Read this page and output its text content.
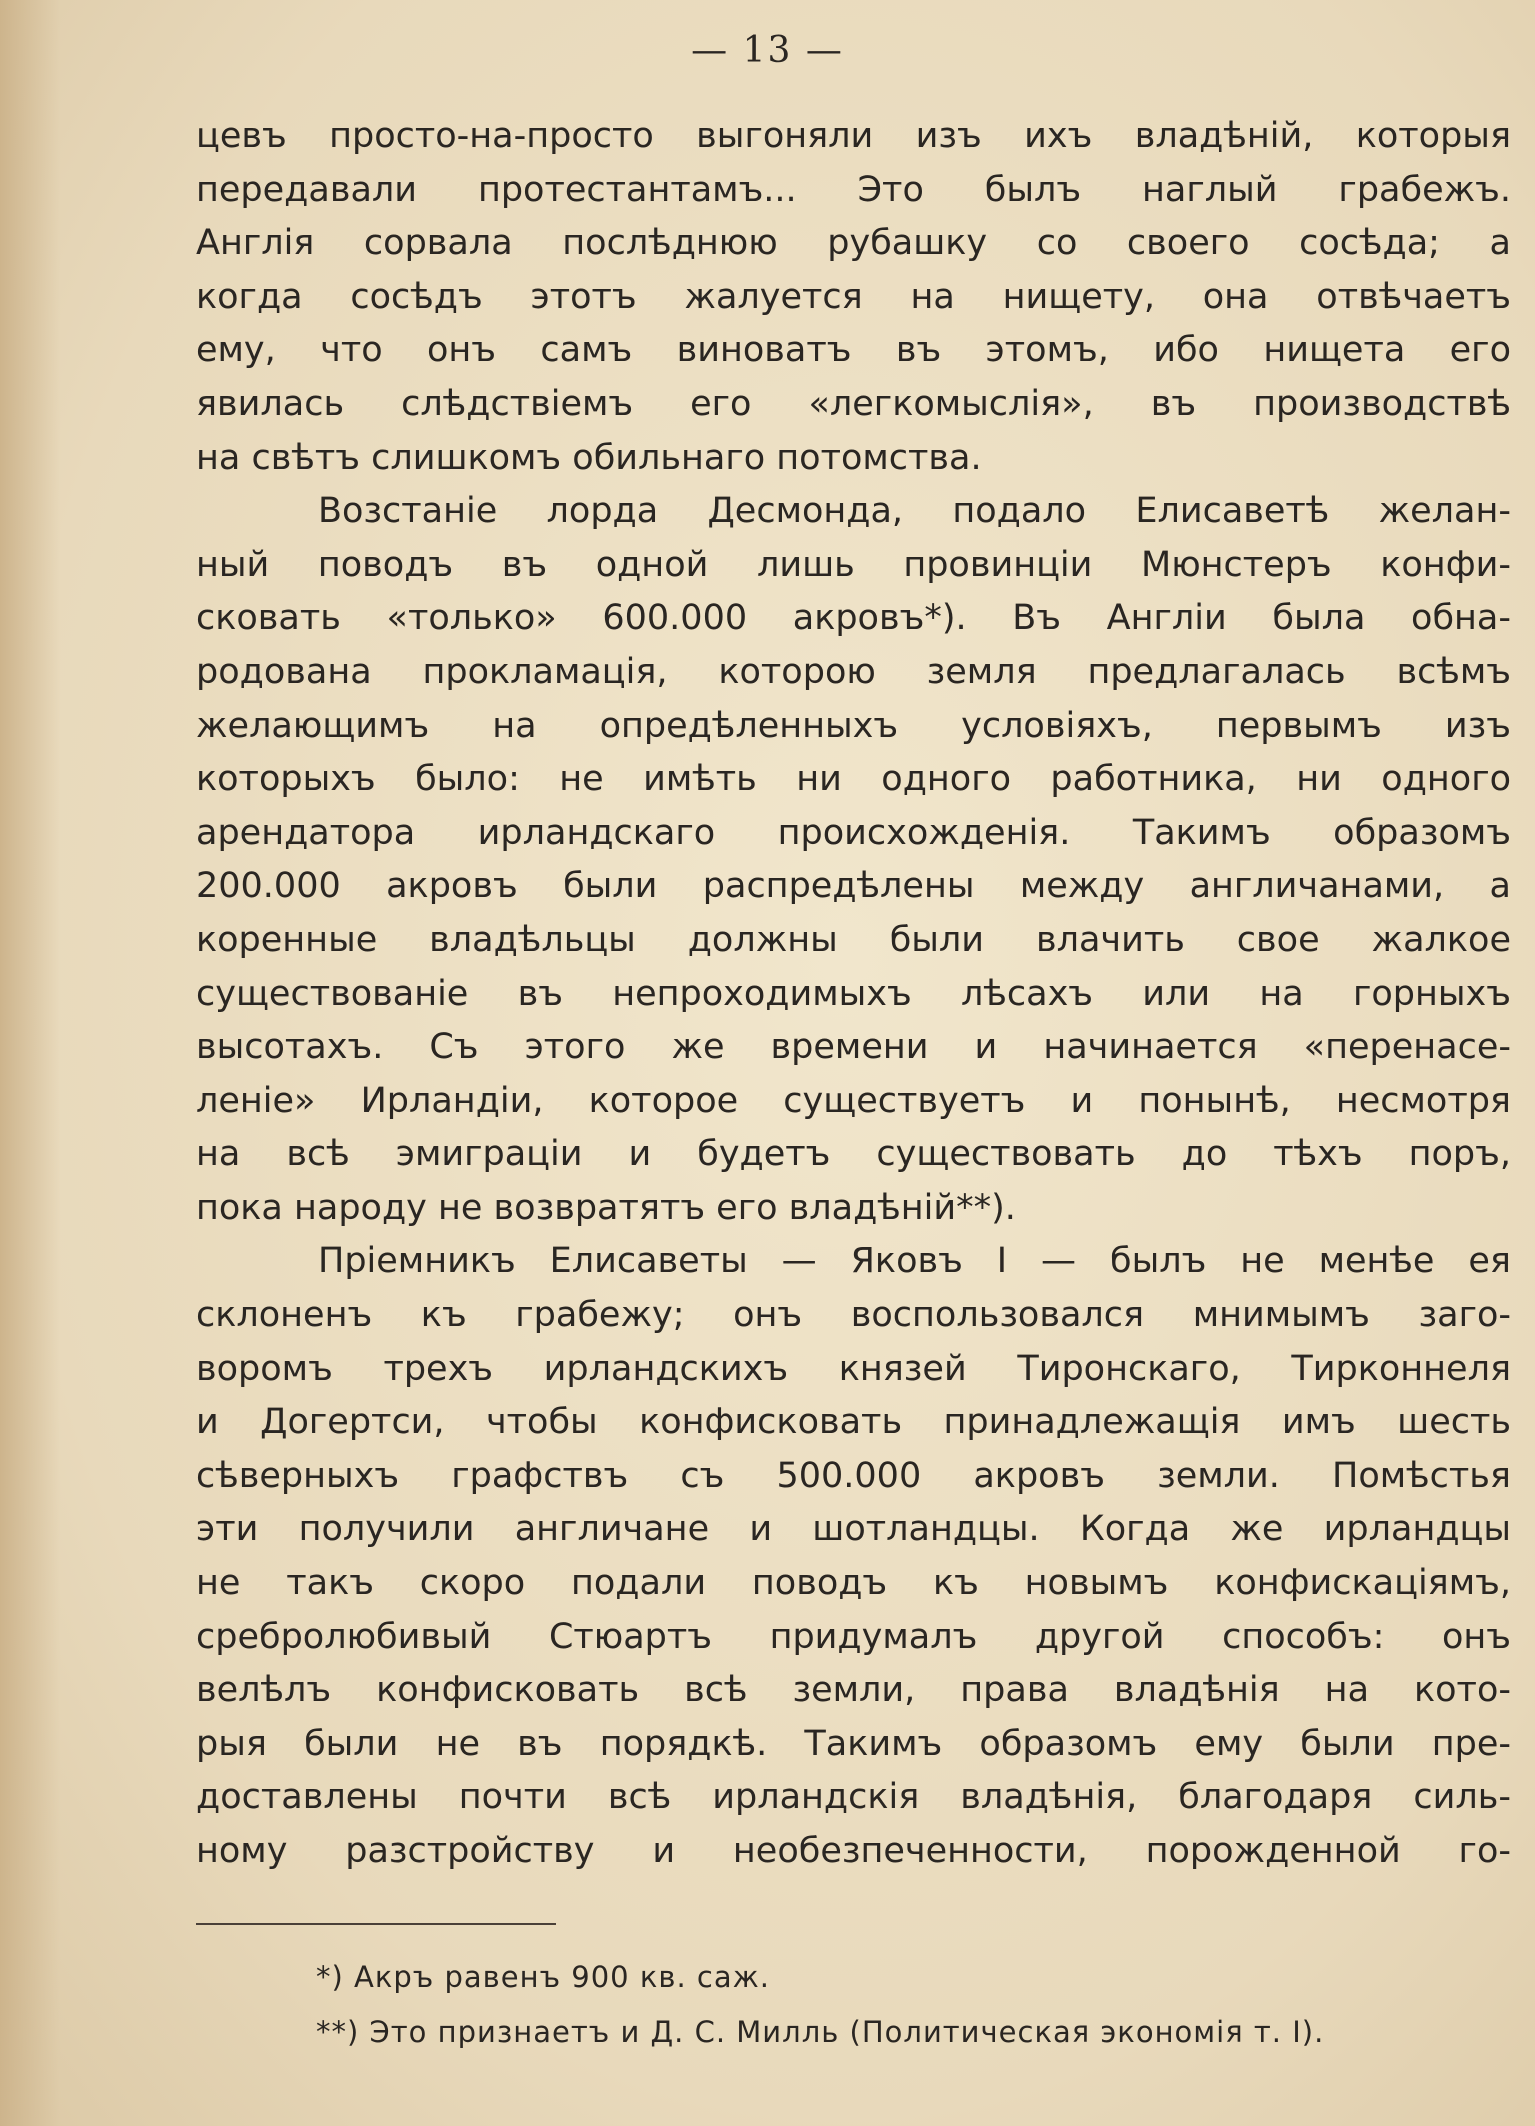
— 13 —
цевъ просто-на-просто выгоняли изъ ихъ владѣній, которыя
передавали протестантамъ... Это былъ наглый грабежъ.
Англія сорвала послѣднюю рубашку со своего сосѣда; а
когда сосѣдъ этотъ жалуется на нищету, она отвѣчаетъ
ему, что онъ самъ виноватъ въ этомъ, ибо нищета его
явилась слѣдствіемъ его «легкомыслія», въ производствѣ
на свѣтъ слишкомъ обильнаго потомства.
Возстаніе лорда Десмонда, подало Елисаветѣ желан-
ный поводъ въ одной лишь провинціи Мюнстеръ конфи-
сковать «только» 600.000 акровъ*). Въ Англіи была обна-
родована прокламація, которою земля предлагалась всѣмъ
желающимъ на опредѣленныхъ условіяхъ, первымъ изъ
которыхъ было: не имѣть ни одного работника, ни одного
арендатора ирландскаго происхожденія. Такимъ образомъ
200.000 акровъ были распредѣлены между англичанами, а
коренные владѣльцы должны были влачить свое жалкое
существованіе въ непроходимыхъ лѣсахъ или на горныхъ
высотахъ. Съ этого же времени и начинается «перенасе-
леніе» Ирландіи, которое существуетъ и понынѣ, несмотря
на всѣ эмиграціи и будетъ существовать до тѣхъ поръ,
пока народу не возвратятъ его владѣній**).
Пріемникъ Елисаветы — Яковъ I — былъ не менѣе ея
склоненъ къ грабежу; онъ воспользовался мнимымъ заго-
воромъ трехъ ирландскихъ князей Тиронскаго, Тирконнеля
и Догертси, чтобы конфисковать принадлежащія имъ шесть
сѣверныхъ графствъ съ 500.000 акровъ земли. Помѣстья
эти получили англичане и шотландцы. Когда же ирландцы
не такъ скоро подали поводъ къ новымъ конфискаціямъ,
сребролюбивый Стюартъ придумалъ другой способъ: онъ
велѣлъ конфисковать всѣ земли, права владѣнія на кото-
рыя были не въ порядкѣ. Такимъ образомъ ему были пре-
доставлены почти всѣ ирландскія владѣнія, благодаря силь-
ному разстройству и необезпеченности, порожденной го-
*) Акръ равенъ 900 кв. саж.
**) Это признаетъ и Д. С. Милль (Политическая экономія т. I).
